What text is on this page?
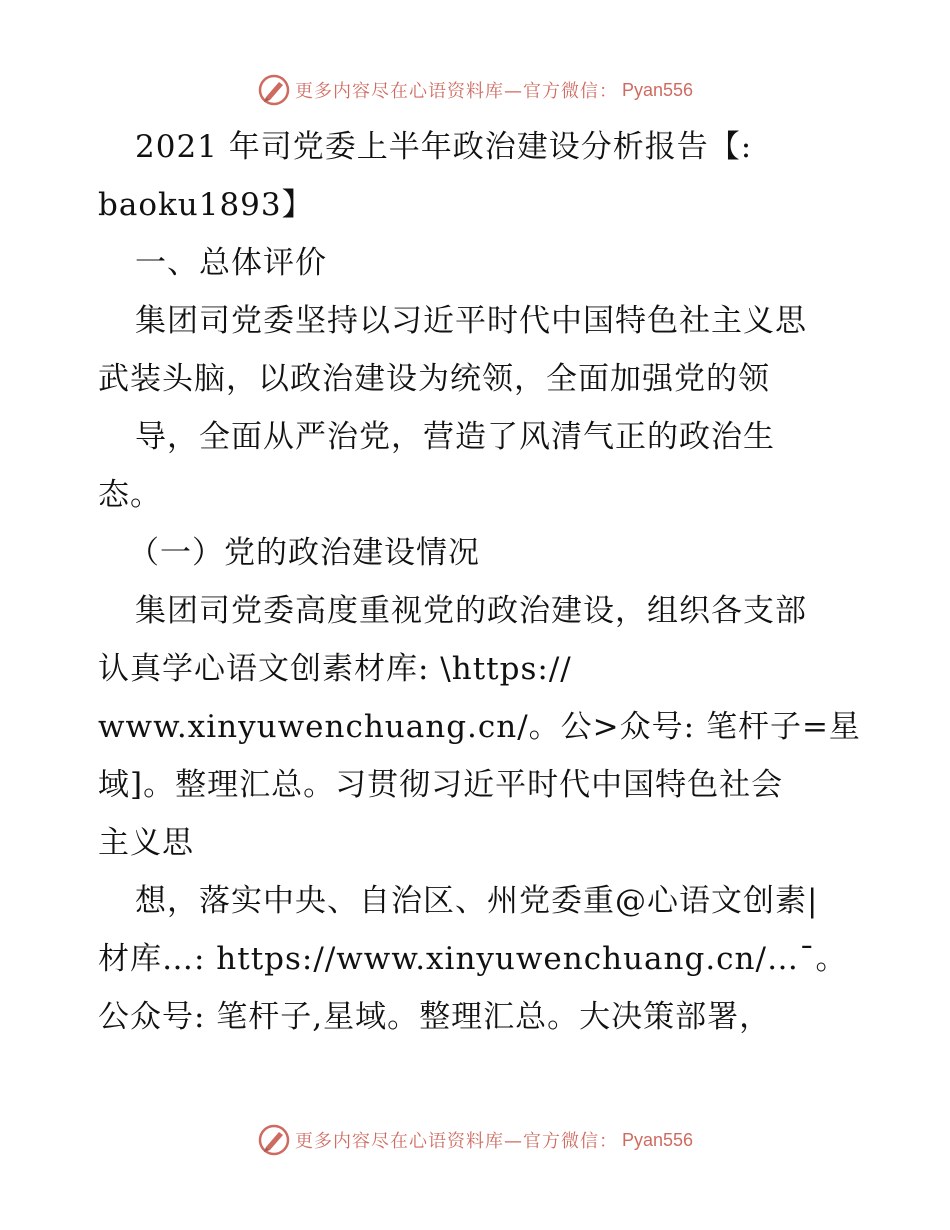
更多内容尽在心语资料库—官方微信： Pyan556
2021 年司党委上半年政治建设分析报告【:
baoku1893】
一、总体评价
集团司党委坚持以习近平时代中国特色社主义思
武装头脑，以政治建设为统领，全面加强党的领
导，全面从严治党，营造了风清气正的政治生
态。
（一）党的政治建设情况
集团司党委高度重视党的政治建设，组织各支部
认真学心语文创素材库: \https://
www.xinyuwenchuang.cn/。公>众号: 笔杆子=星
域]。整理汇总。习贯彻习近平时代中国特色社会
主义思
想，落实中央、自治区、州党委重@心语文创素|
材库…: https://www.xinyuwenchuang.cn/…¯。
公众号: 笔杆子,星域。整理汇总。大决策部署，
更多内容尽在心语资料库—官方微信： Pyan556
